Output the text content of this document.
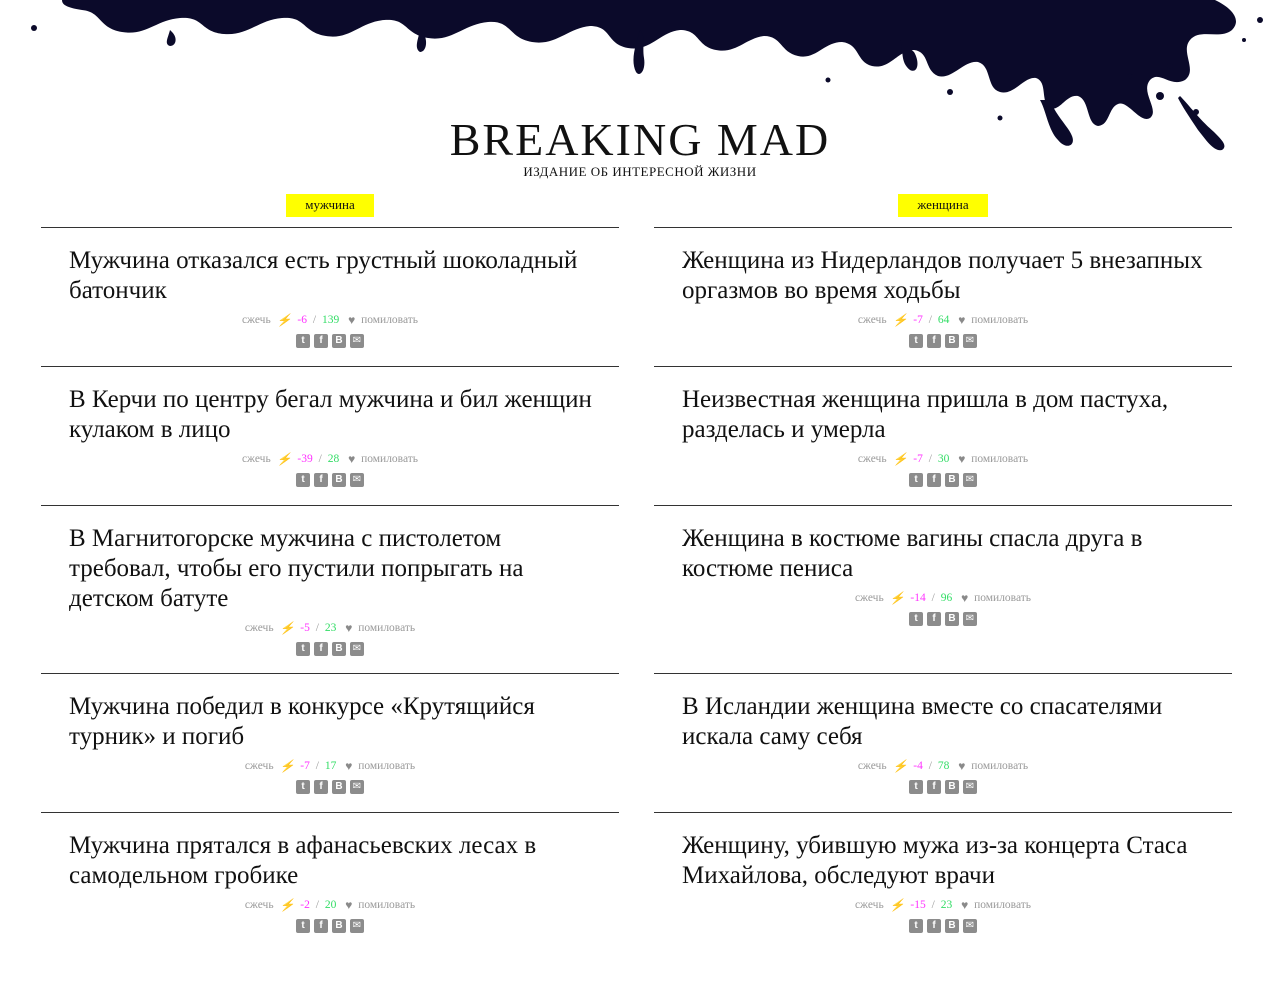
BREAKING MAD
ИЗДАНИЕ ОБ ИНТЕРЕСНОЙ ЖИЗНИ
мужчина
Мужчина отказался есть грустный шоколадный батончик
сжечь ⚡ -6 / 139 ♥ помиловать
t f B ✉
В Керчи по центру бегал мужчина и бил женщин кулаком в лицо
сжечь ⚡ -39 / 28 ♥ помиловать
t f B ✉
В Магнитогорске мужчина с пистолетом требовал, чтобы его пустили попрыгать на детском батуте
сжечь ⚡ -5 / 23 ♥ помиловать
t f B ✉
Мужчина победил в конкурсе «Крутящийся турник» и погиб
сжечь ⚡ -7 / 17 ♥ помиловать
t f B ✉
Мужчина прятался в афанасьевских лесах в самодельном гробике
сжечь ⚡ -2 / 20 ♥ помиловать
t f B ✉
женщина
Женщина из Нидерландов получает 5 внезапных оргазмов во время ходьбы
сжечь ⚡ -7 / 64 ♥ помиловать
t f B ✉
Неизвестная женщина пришла в дом пастуха, разделась и умерла
сжечь ⚡ -7 / 30 ♥ помиловать
t f B ✉
Женщина в костюме вагины спасла друга в костюме пениса
сжечь ⚡ -14 / 96 ♥ помиловать
t f B ✉
В Исландии женщина вместе со спасателями искала саму себя
сжечь ⚡ -4 / 78 ♥ помиловать
t f B ✉
Женщину, убившую мужа из-за концерта Стаса Михайлова, обследуют врачи
сжечь ⚡ -15 / 23 ♥ помиловать
t f B ✉
